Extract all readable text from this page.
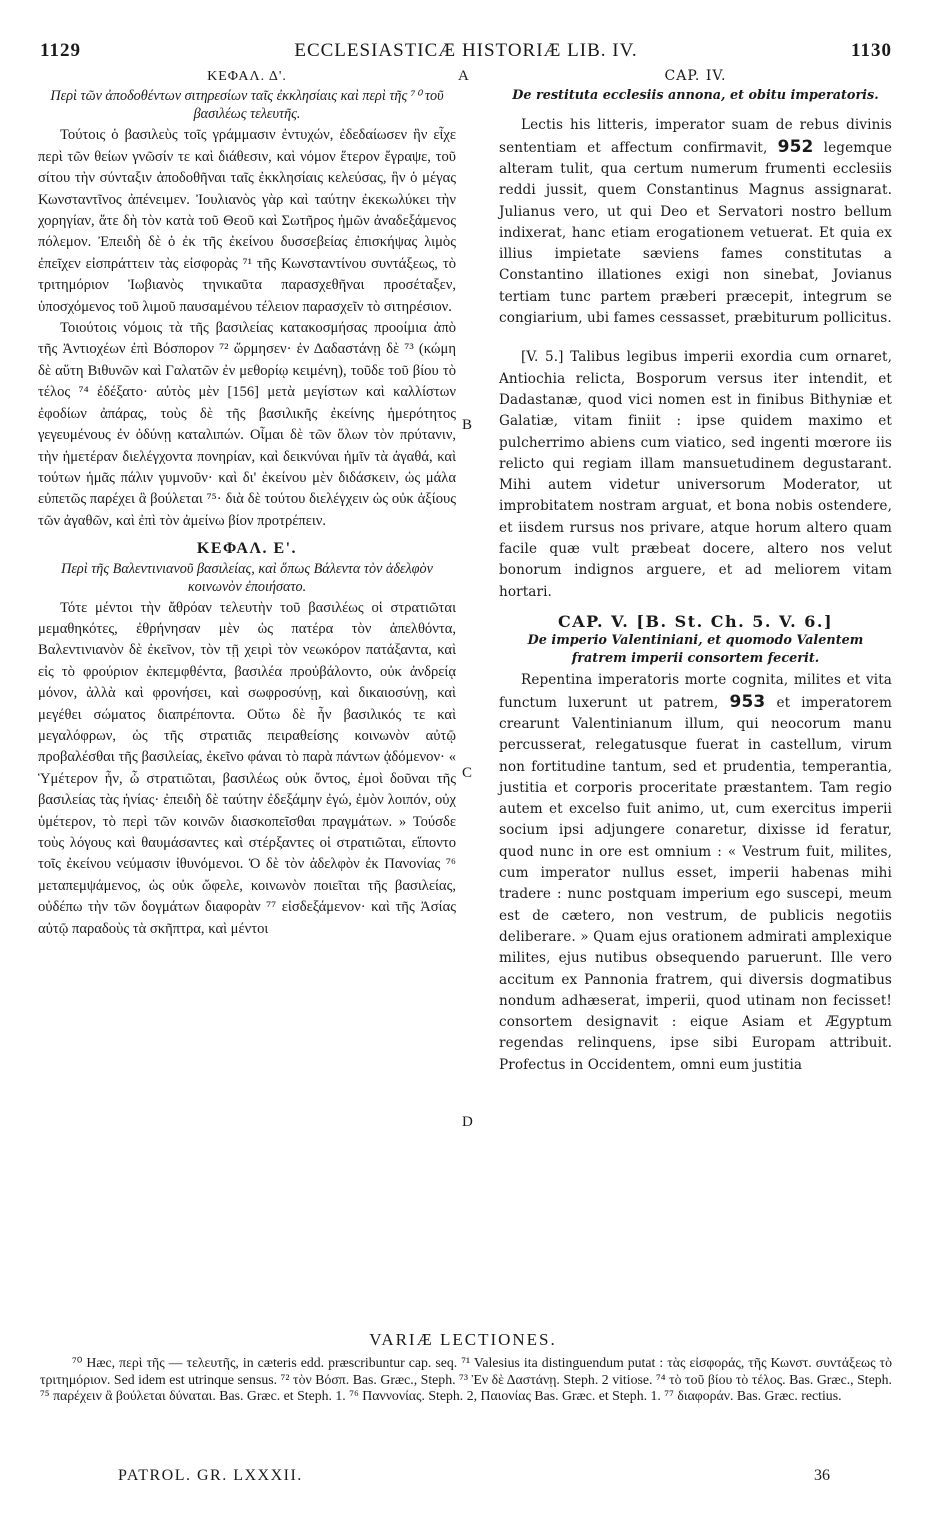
1129	ECCLESIASTICÆ HISTORIÆ LIB. IV.	1130
ΚΕΦΑΛ. Δ'.
Περὶ τῶν ἀποδοθέντων σιτηρεσίων ταῖς ἐκκλησίαις καὶ περὶ τῆς ⁷⁰ τοῦ βασιλέως τελευτῆς.

Τούτοις ὁ βασιλεὺς τοῖς γράμμασιν ἐντυχών, ἐδεδαίωσεν ἣν εἶχε περὶ τῶν θείων γνῶσίν τε καὶ διάθεσιν, καὶ νόμον ἕτερον ἔγραψε, τοῦ σίτου τὴν σύνταξιν ἀποδοθῆναι ταῖς ἐκκλησίαις κελεύσας, ἣν ὁ μέγας Κωνσταντῖνος ἀπένειμεν. Ἰουλιανὸς γὰρ καὶ ταύτην ἐκεκωλύκει τὴν χορηγίαν, ἅτε δὴ τὸν κατὰ τοῦ Θεοῦ καὶ Σωτῆρος ἡμῶν ἀναδεξάμενος πόλεμον. Ἐπειδὴ δὲ ὁ ἐκ τῆς ἐκείνου δυσσεβείας ἐπισκήψας λιμὸς ἐπεῖχεν εἰσπράττειν τὰς εἰσφορὰς ⁷¹ τῆς Κωνσταντίνου συντάξεως, τὸ τριτημόριον Ἰωβιανὸς τηνικαῦτα παρασχεθῆναι προσέταξεν, ὑποσχόμενος τοῦ λιμοῦ παυσαμένου τέλειον παρασχεῖν τὸ σιτηρέσιον.

Τοιούτοις νόμοις τὰ τῆς βασιλείας κατακοσμήσας προοίμια ἀπὸ τῆς Ἀντιοχέων ἐπὶ Βόσπορον ⁷² ὥρμησεν· ἐν Δαδαστάνῃ δὲ ⁷³ (κώμη δὲ αὕτη Βιθυνῶν καὶ Γαλατῶν ἐν μεθορίῳ κειμένη), τοῦδε τοῦ βίου τὸ τέλος ⁷⁴ ἐδέξατο· αὐτὸς μὲν [156] μετὰ μεγίστων καὶ καλλίστων ἐφοδίων ἀπάρας, τοὺς δὲ τῆς βασιλικῆς ἐκείνης ἡμερότητος γεγευμένους ἐν ὀδύνῃ καταλιπών. Οἶμαι δὲ τῶν ὅλων τὸν πρύτανιν, τὴν ἡμετέραν διελέγχοντα πονηρίαν, καὶ δεικνύναι ἡμῖν τὰ ἀγαθά, καὶ τούτων ἡμᾶς πάλιν γυμνοῦν· καὶ δι' ἐκείνου μὲν διδάσκειν, ὡς μάλα εὐπετῶς παρέχει ἃ βούλεται ⁷⁵· διὰ δὲ τούτου διελέγχειν ὡς οὐκ ἀξίους τῶν ἀγαθῶν, καὶ ἐπὶ τὸν ἀμείνω βίον προτρέπειν.

ΚΕΦΑΛ. Ε'.
Περὶ τῆς Βαλεντινιανοῦ βασιλείας, καὶ ὅπως Βάλεντα τὸν ἀδελφὸν κοινωνὸν ἐποιήσατο.

Τότε μέντοι τὴν ἄθρόαν τελευτὴν τοῦ βασιλέως οἱ στρατιῶται μεμαθηκότες, ἐθρήνησαν μὲν ὡς πατέρα τὸν ἀπελθόντα, Βαλεντινιανὸν δὲ ἐκεῖνον, τὸν τῇ χειρὶ τὸν νεωκόρον πατάξαντα, καὶ εἰς τὸ φρούριον ἐκπεμφθέντα, βασιλέα προὐβάλοντο, οὐκ ἀνδρείᾳ μόνον, ἀλλὰ καὶ φρονήσει, καὶ σωφροσύνῃ, καὶ δικαιοσύνῃ, καὶ μεγέθει σώματος διαπρέποντα. Οὕτω δὲ ἦν βασιλικός τε καὶ μεγαλόφρων, ὡς τῆς στρατιᾶς πειραθείσης κοινωνὸν αὐτῷ προβαλέσθαι τῆς βασιλείας, ἐκεῖνο φάναι τὸ παρὰ πάντων ᾀδόμενον· « Ὑμέτερον ἦν, ὦ στρατιῶται, βασιλέως οὐκ ὄντος, ἐμοὶ δοῦναι τῆς βασιλείας τὰς ἡνίας· ἐπειδὴ δὲ ταύτην ἐδεξάμην ἐγώ, ἐμὸν λοιπόν, οὐχ ὑμέτερον, τὸ περὶ τῶν κοινῶν διασκοπεῖσθαι πραγμάτων. » Τούσδε τοὺς λόγους καὶ θαυμάσαντες καὶ στέρξαντες οἱ στρατιῶται, εἵποντο τοῖς ἐκείνου νεύμασιν ἰθυνόμενοι. Ὁ δὲ τὸν ἀδελφὸν ἐκ Πανονίας ⁷⁶ μεταπεμψάμενος, ὡς οὐκ ὤφελε, κοινωνὸν ποιεῖται τῆς βασιλείας, οὐδέπω τὴν τῶν δογμάτων διαφορὰν ⁷⁷ εἰσδεξάμενον· καὶ τῆς Ἀσίας αὐτῷ παραδοὺς τὰ σκῆπτρα, καὶ μέντοι

A
B
C
D
CAP. IV.
De restituta ecclesiis annona, et obitu imperatoris.

Lectis his litteris, imperator suam de rebus divinis sententiam et affectum confirmavit, 952 legemque alteram tulit, qua certum numerum frumenti ecclesiis reddi jussit, quem Constantinus Magnus assignarat. Julianus vero, ut qui Deo et Servatori nostro bellum indixerat, hanc etiam erogationem vetuerat. Et quia ex illius impietate sæviens fames constitutas a Constantino illationes exigi non sinebat, Jovianus tertiam tunc partem præberi præcepit, integrum se congiarium, ubi fames cessasset, præbiturum pollicitus.

[V. 5.] Talibus legibus imperii exordia cum ornaret, Antiochia relicta, Bosporum versus iter intendit, et Dadastanæ, quod vici nomen est in finibus Bithyniæ et Galatiæ, vitam finiit : ipse quidem maximo et pulcherrimo abiens cum viatico, sed ingenti mœrore iis relicto qui regiam illam mansuetudinem degustarant. Mihi autem videtur universorum Moderator, ut improbitatem nostram arguat, et bona nobis ostendere, et iisdem rursus nos privare, atque horum altero quam facile quæ vult præbeat docere, altero nos velut bonorum indignos arguere, et ad meliorem vitam hortari.

CAP. V. [B. St. Ch. 5. V. 6.]
De imperio Valentiniani, et quomodo Valentem fratrem imperii consortem fecerit.

Repentina imperatoris morte cognita, milites et vita functum luxerunt ut patrem, 953 et imperatorem crearunt Valentinianum illum, qui neocorum manu percusserat, relegatusque fuerat in castellum, virum non fortitudine tantum, sed et prudentia, temperantia, justitia et corporis proceritate præstantem. Tam regio autem et excelso fuit animo, ut, cum exercitus imperii socium ipsi adjungere conaretur, dixisse id feratur, quod nunc in ore est omnium : « Vestrum fuit, milites, cum imperator nullus esset, imperii habenas mihi tradere : nunc postquam imperium ego suscepi, meum est de cætero, non vestrum, de publicis negotiis deliberare. » Quam ejus orationem admirati amplexique milites, ejus nutibus obsequendo paruerunt. Ille vero accitum ex Pannonia fratrem, qui diversis dogmatibus nondum adhæserat, imperii, quod utinam non fecisset! consortem designavit : eique Asiam et Ægyptum regendas relinquens, ipse sibi Europam attribuit. Profectus in Occidentem, omni eum justitia

VARIÆ LECTIONES.

⁷⁰ Hæc, περὶ τῆς — τελευτῆς, in cæteris edd. præscribuntur cap. seq. ⁷¹ Valesius ita distinguendum putat : τὰς εἰσφοράς, τῆς Κωνστ. συντάξεως τὸ τριτημόριον. Sed idem est utrinque sensus. ⁷² τὸν Βόσπ. Bas. Græc., Steph. ⁷³ Ἐν δὲ Δαστάνῃ. Steph. 2 vitiose. ⁷⁴ τὸ τοῦ βίου τὸ τέλος. Bas. Græc., Steph. ⁷⁵ παρέχειν ἃ βούλεται δύναται. Bas. Græc. et Steph. 1. ⁷⁶ Παννονίας. Steph. 2, Παιονίας Bas. Græc. et Steph. 1. ⁷⁷ διαφοράν. Bas. Græc. rectius.

PATROL. GR. LXXXII.	36
